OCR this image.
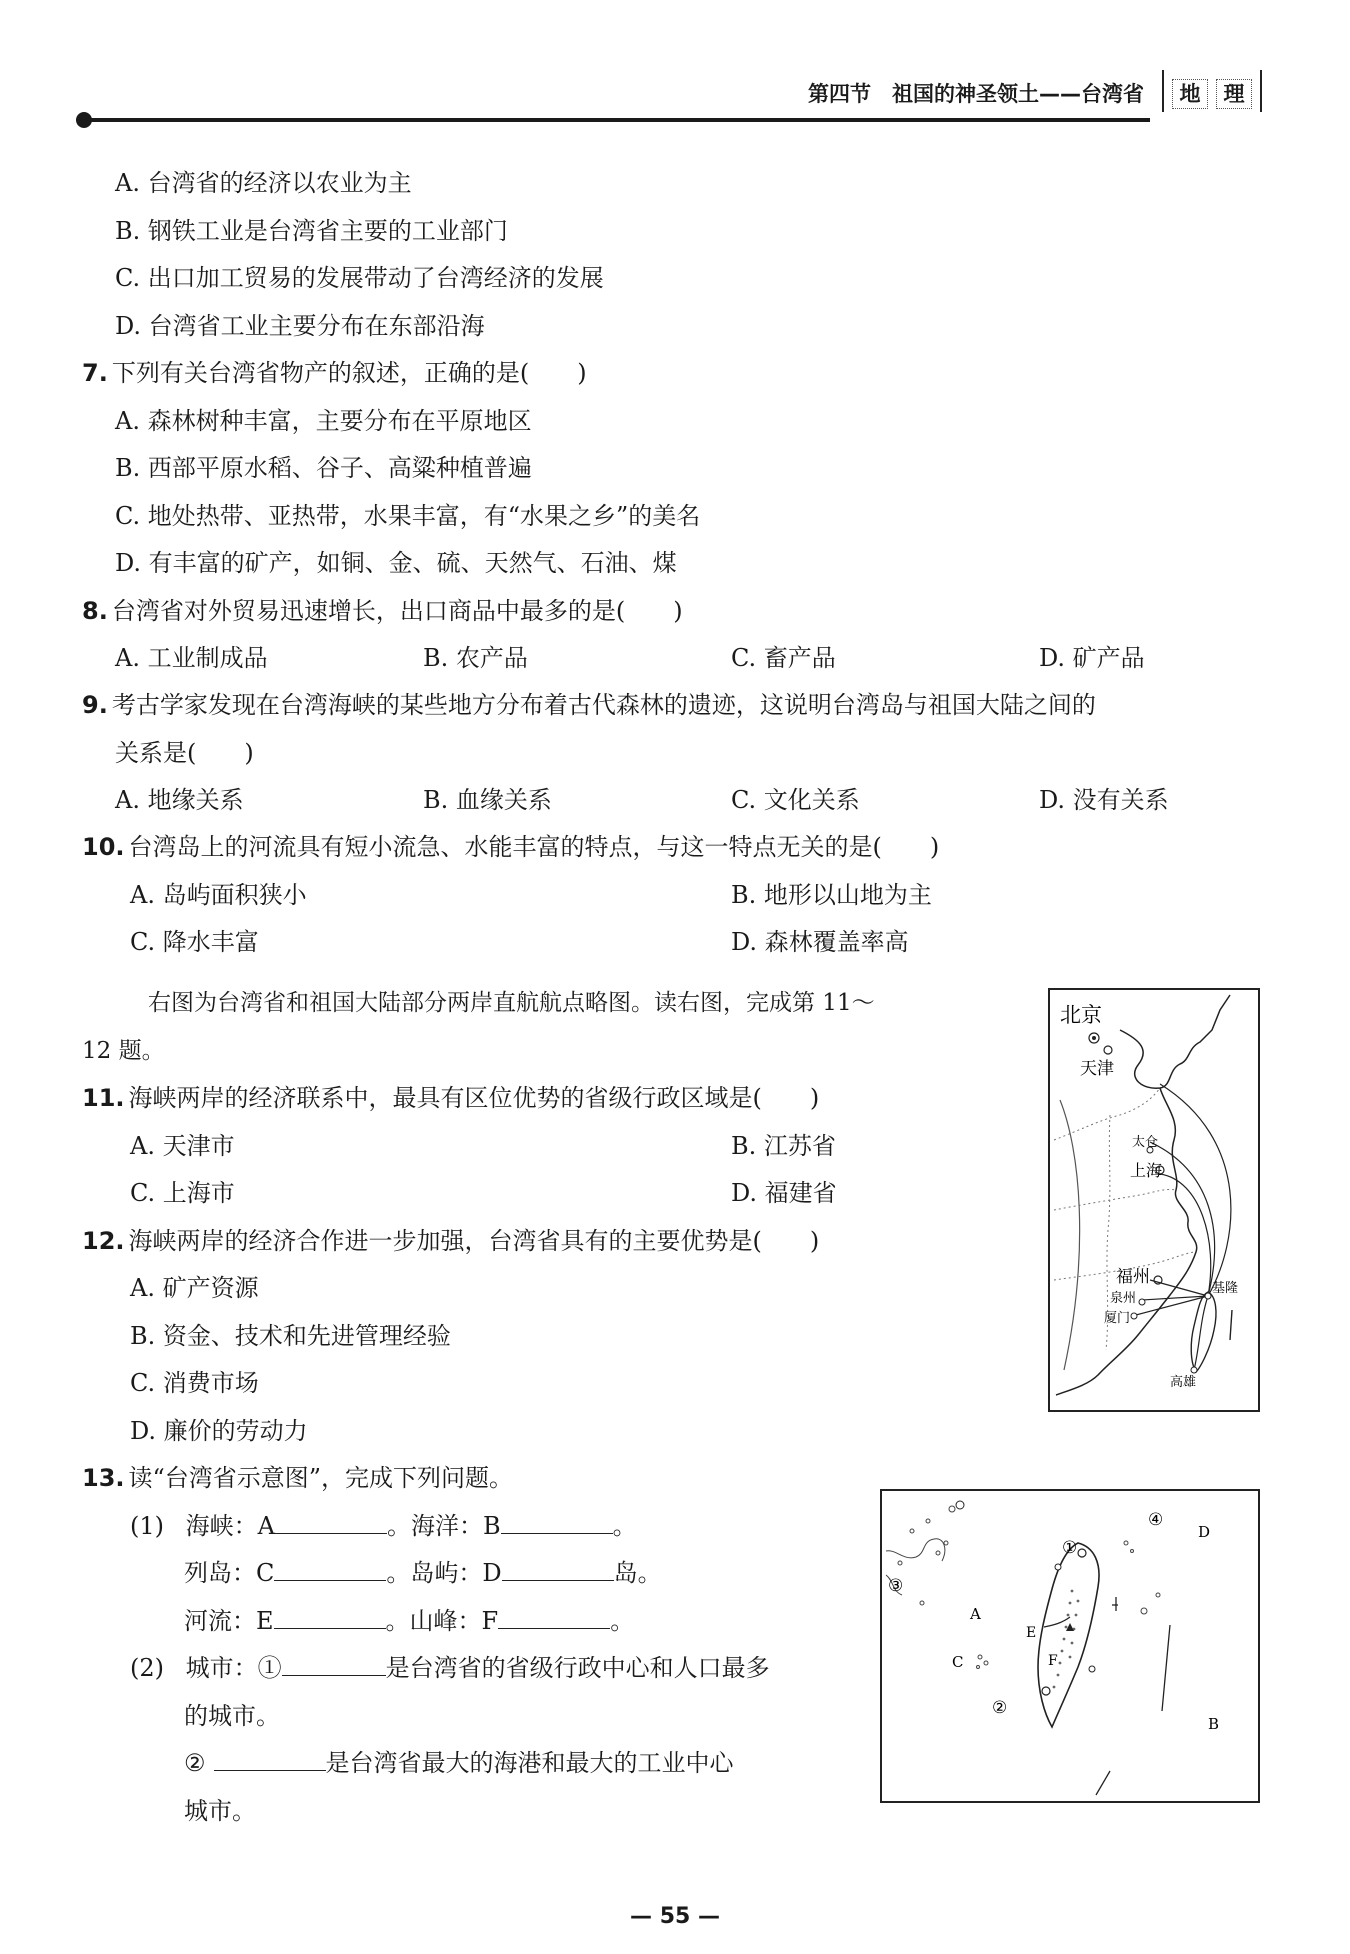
第四节　祖国的神圣领土——台湾省	地	理
A. 台湾省的经济以农业为主
B. 钢铁工业是台湾省主要的工业部门
C. 出口加工贸易的发展带动了台湾经济的发展
D. 台湾省工业主要分布在东部沿海
7. 下列有关台湾省物产的叙述，正确的是(　　)
A. 森林树种丰富，主要分布在平原地区
B. 西部平原水稻、谷子、高粱种植普遍
C. 地处热带、亚热带，水果丰富，有“水果之乡”的美名
D. 有丰富的矿产，如铜、金、硫、天然气、石油、煤
8. 台湾省对外贸易迅速增长，出口商品中最多的是(　　)
A. 工业制成品	B. 农产品	C. 畜产品	D. 矿产品
9. 考古学家发现在台湾海峡的某些地方分布着古代森林的遗迹，这说明台湾岛与祖国大陆之间的
关系是(　　)
A. 地缘关系	B. 血缘关系	C. 文化关系	D. 没有关系
10. 台湾岛上的河流具有短小流急、水能丰富的特点，与这一特点无关的是(　　)
A. 岛屿面积狭小	B. 地形以山地为主
C. 降水丰富	D. 森林覆盖率高
右图为台湾省和祖国大陆部分两岸直航航点略图。读右图，完成第 11～
12 题。
11. 海峡两岸的经济联系中，最具有区位优势的省级行政区域是(　　)
A. 天津市	B. 江苏省
C. 上海市	D. 福建省
12. 海峡两岸的经济合作进一步加强，台湾省具有的主要优势是(　　)
A. 矿产资源
B. 资金、技术和先进管理经验
C. 消费市场
D. 廉价的劳动力
13. 读“台湾省示意图”，完成下列问题。
(1) 海峡：A	。海洋：B	。
列岛：C	。岛屿：D	岛。
河流：E	。山峰：F	。
(2) 城市：①	是台湾省的省级行政中心和人口最多
的城市。
②	是台湾省最大的海港和最大的工业中心
城市。
北京
天津
太仓
上海
福州
泉州
厦门
基隆
高雄
A
B
C
D
E
F
①
②
③
④
— 55 —
